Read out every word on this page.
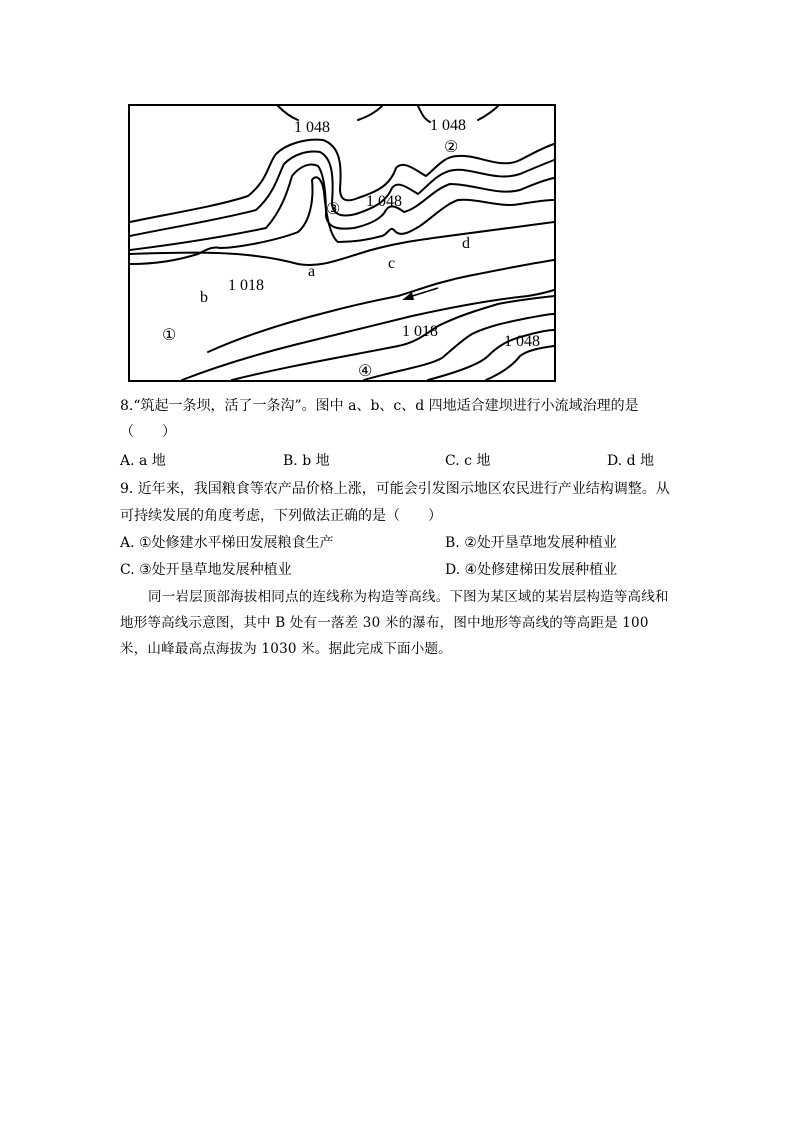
1 048	1 048
②
③ 1 048
d
c
a
1 018
b
①	1 018
1 048
④
8.“筑起一条坝，活了一条沟”。图中 a、b、c、d 四地适合建坝进行小流域治理的是
（　　）
A. a 地	B. b 地	C. c 地	D. d 地
9. 近年来，我国粮食等农产品价格上涨，可能会引发图示地区农民进行产业结构调整。从
可持续发展的角度考虑，下列做法正确的是（　　）
A. ①处修建水平梯田发展粮食生产	B. ②处开垦草地发展种植业
C. ③处开垦草地发展种植业	D. ④处修建梯田发展种植业
同一岩层顶部海拔相同点的连线称为构造等高线。下图为某区域的某岩层构造等高线和地形等高线示意图，其中 B 处有一落差 30 米的瀑布，图中地形等高线的等高距是 100 米，山峰最高点海拔为 1030 米。据此完成下面小题。
